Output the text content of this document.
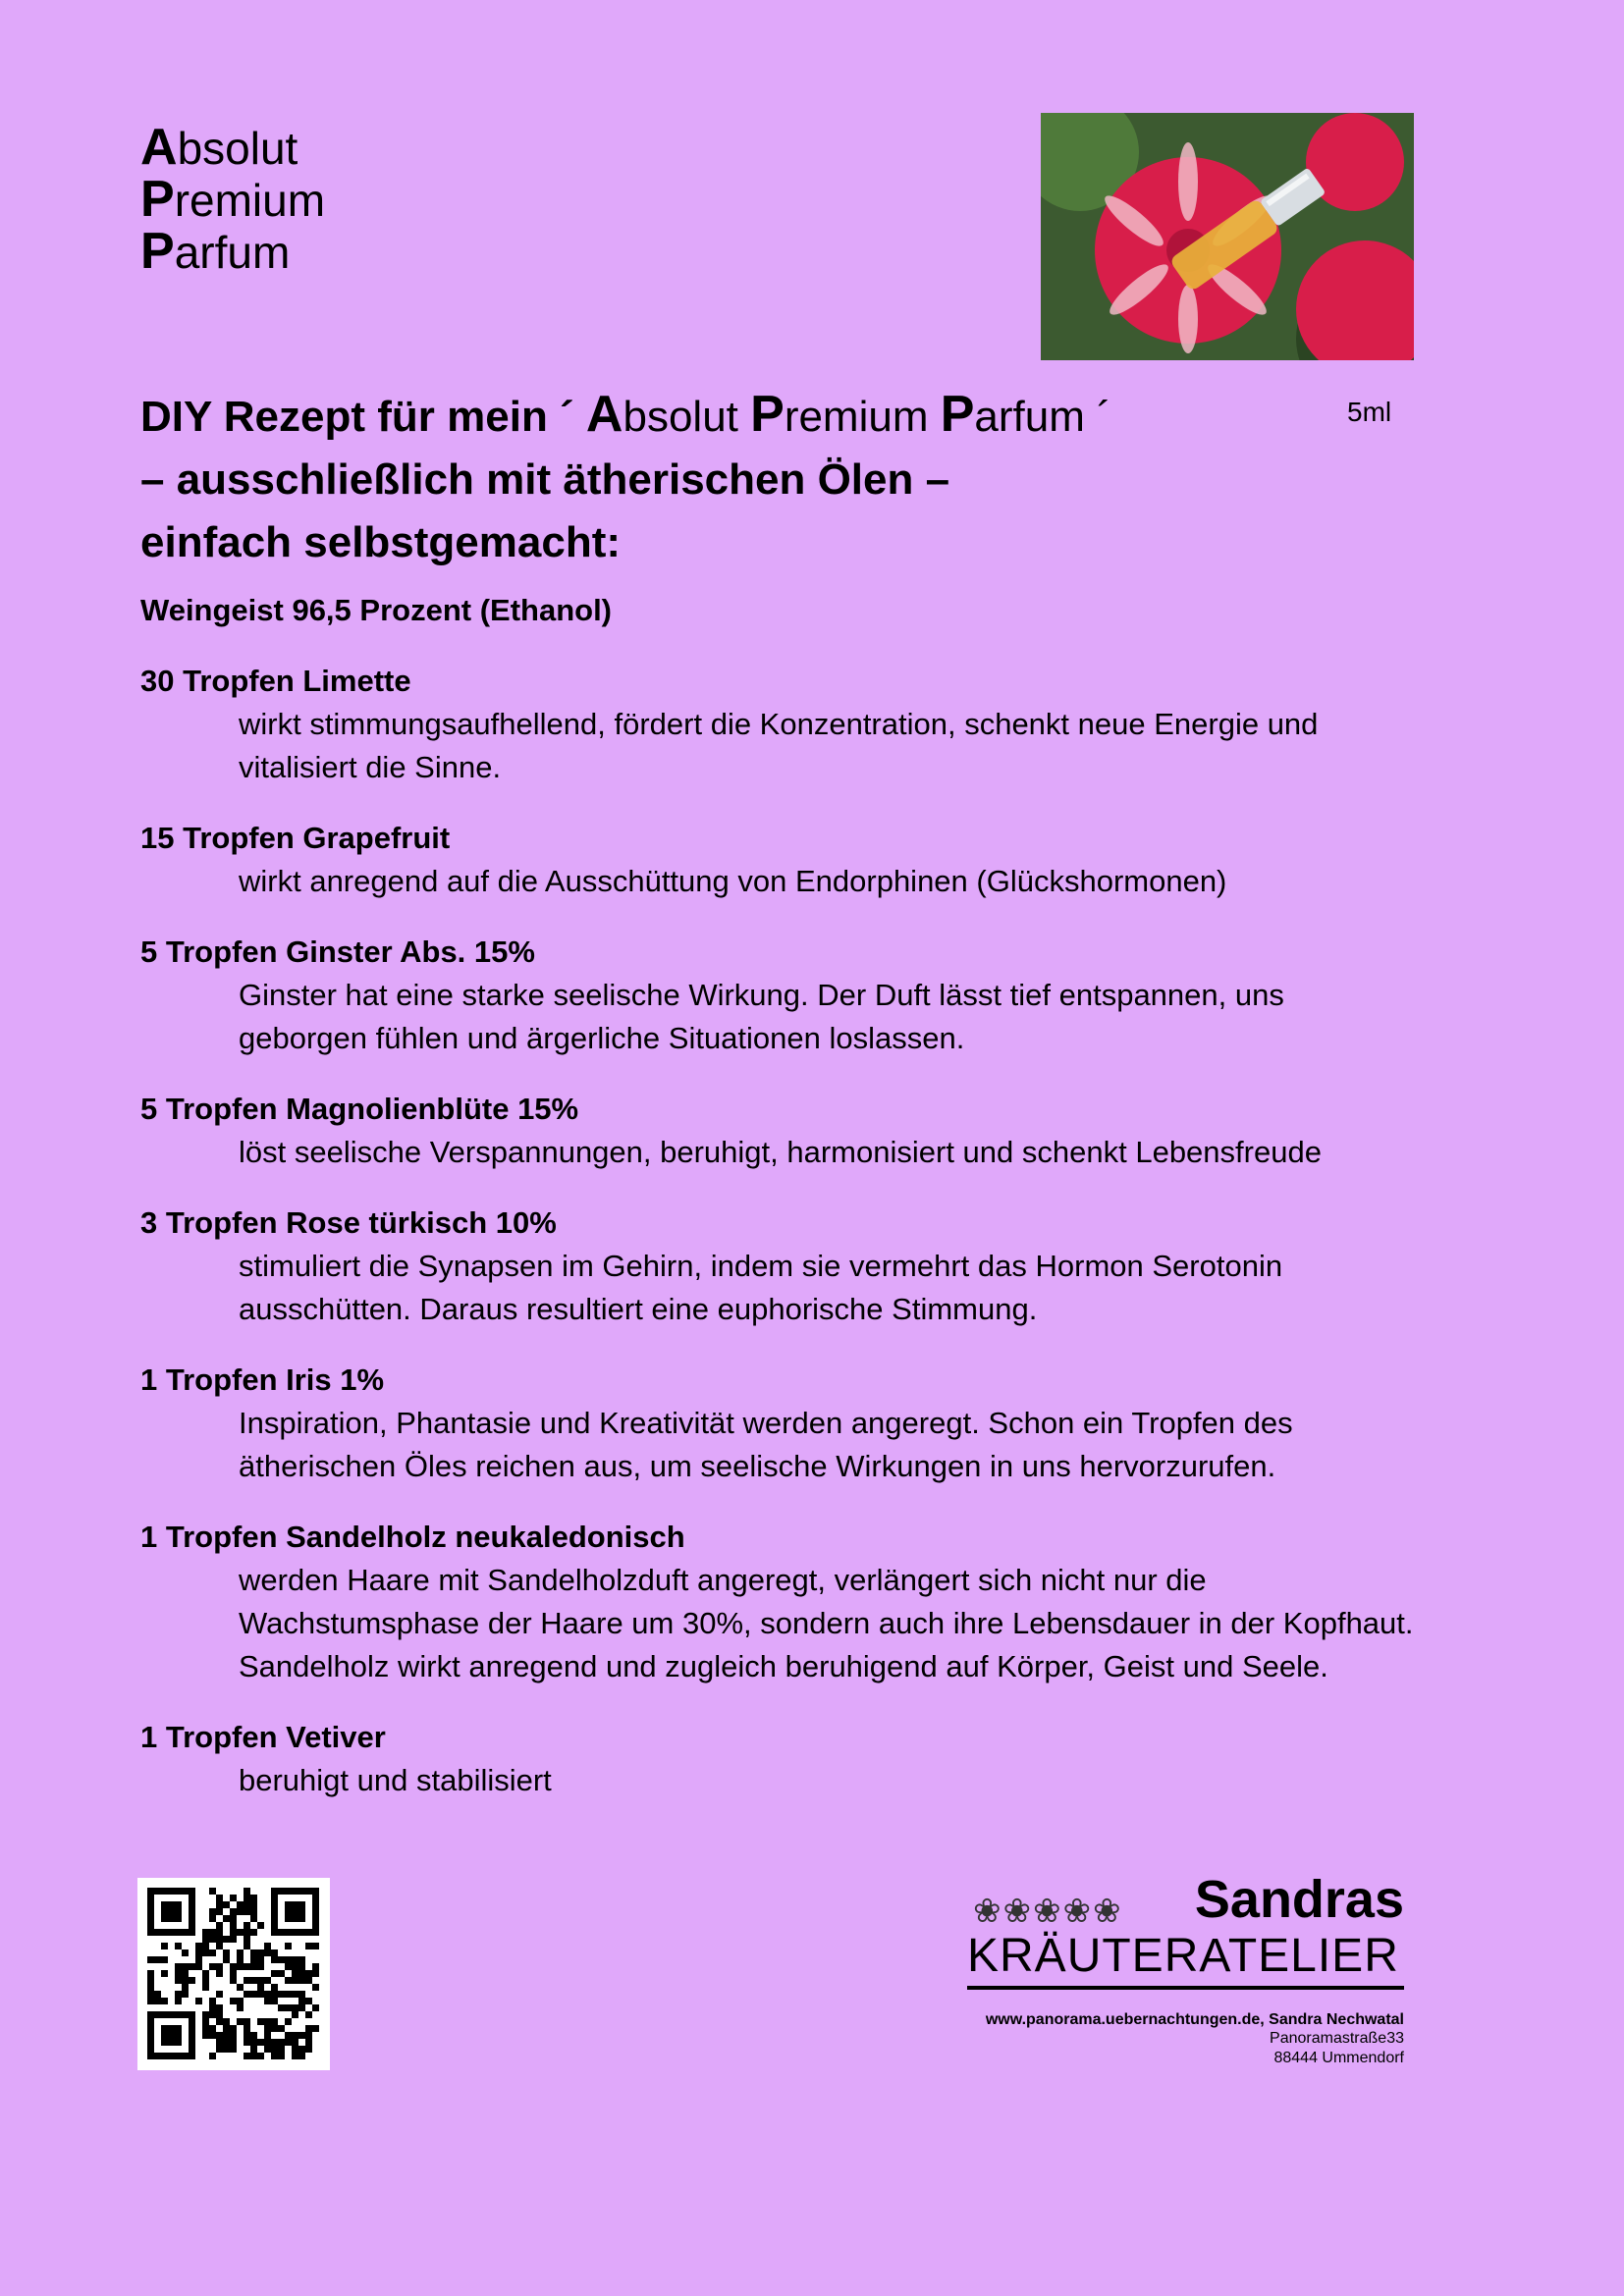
Absolut
Premium
Parfum
DIY Rezept für mein ´ Absolut Premium Parfum ´
– ausschließlich mit ätherischen Ölen –
einfach selbstgemacht:
5ml
Weingeist 96,5 Prozent (Ethanol)
30 Tropfen Limette
wirkt stimmungsaufhellend, fördert die Konzentration, schenkt neue Energie und vitalisiert die Sinne.
15 Tropfen Grapefruit
wirkt anregend auf die Ausschüttung von Endorphinen (Glückshormonen)
5 Tropfen Ginster Abs. 15%
Ginster hat eine starke seelische Wirkung. Der Duft lässt tief entspannen, uns geborgen fühlen und ärgerliche Situationen loslassen.
5 Tropfen Magnolienblüte 15%
löst seelische Verspannungen, beruhigt, harmonisiert und schenkt Lebensfreude
3 Tropfen Rose türkisch 10%
stimuliert die Synapsen im Gehirn, indem sie vermehrt das Hormon Serotonin ausschütten. Daraus resultiert eine euphorische Stimmung.
1 Tropfen Iris 1%
Inspiration, Phantasie und Kreativität werden angeregt. Schon ein Tropfen des ätherischen Öles reichen aus, um seelische Wirkungen in uns hervorzurufen.
1 Tropfen Sandelholz neukaledonisch
werden Haare mit Sandelholzduft angeregt, verlängert sich nicht nur die Wachstumsphase der Haare um 30%, sondern auch ihre Lebensdauer in der Kopfhaut. Sandelholz wirkt anregend und zugleich beruhigend auf Körper, Geist und Seele.
1 Tropfen Vetiver
beruhigt und stabilisiert
❀❀❀❀❀	Sandras
KRÄUTERATELIER
www.panorama.uebernachtungen.de, Sandra Nechwatal
Panoramastraße33
88444 Ummendorf
